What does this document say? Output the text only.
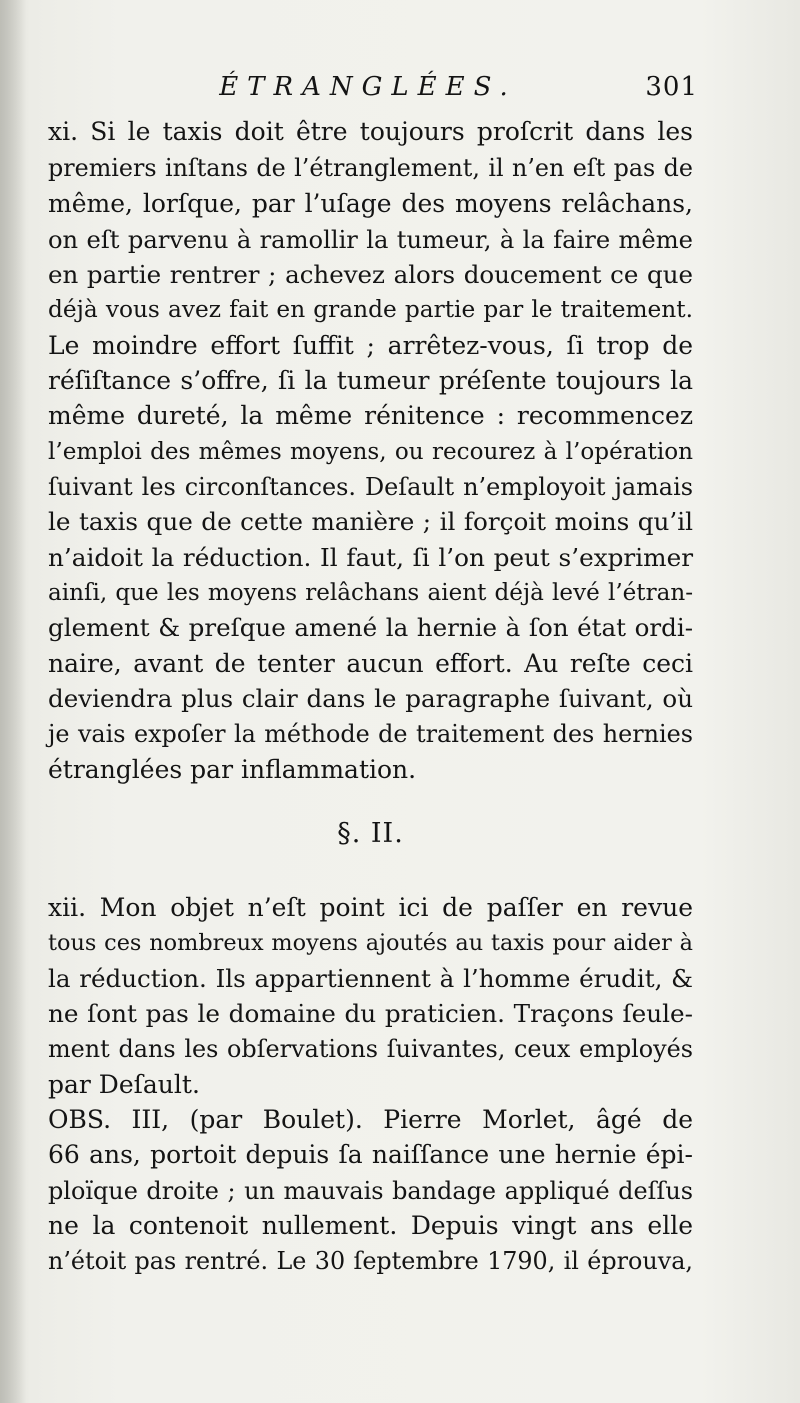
ÉTRANGLÉES.	301
xi. Si le taxis doit être toujours proſcrit dans les
premiers inſtans de l’étranglement, il n’en eſt pas de
même, lorſque, par l’uſage des moyens relâchans,
on eſt parvenu à ramollir la tumeur, à la faire même
en partie rentrer ; achevez alors doucement ce que
déjà vous avez fait en grande partie par le traitement.
Le moindre effort ſuffit ; arrêtez-vous, ſi trop de
réſiſtance s’offre, ſi la tumeur préſente toujours la
même dureté, la même rénitence : recommencez
l’emploi des mêmes moyens, ou recourez à l’opération
ſuivant les circonſtances. Deſault n’employoit jamais
le taxis que de cette manière ; il forçoit moins qu’il
n’aidoit la réduction. Il faut, ſi l’on peut s’exprimer
ainſi, que les moyens relâchans aient déjà levé l’étran-
glement & preſque amené la hernie à ſon état ordi-
naire, avant de tenter aucun effort. Au reſte ceci
deviendra plus clair dans le paragraphe ſuivant, où
je vais expoſer la méthode de traitement des hernies
étranglées par inflammation.
§. II.
xii. Mon objet n’eſt point ici de paſſer en revue
tous ces nombreux moyens ajoutés au taxis pour aider à
la réduction. Ils appartiennent à l’homme érudit, &
ne ſont pas le domaine du praticien. Traçons ſeule-
ment dans les obſervations ſuivantes, ceux employés
par Deſault.
OBS. III, (par Boulet). Pierre Morlet, âgé de
66 ans, portoit depuis ſa naiſſance une hernie épi-
ploïque droite ; un mauvais bandage appliqué deſſus
ne la contenoit nullement. Depuis vingt ans elle
n’étoit pas rentré. Le 30 ſeptembre 1790, il éprouva,
